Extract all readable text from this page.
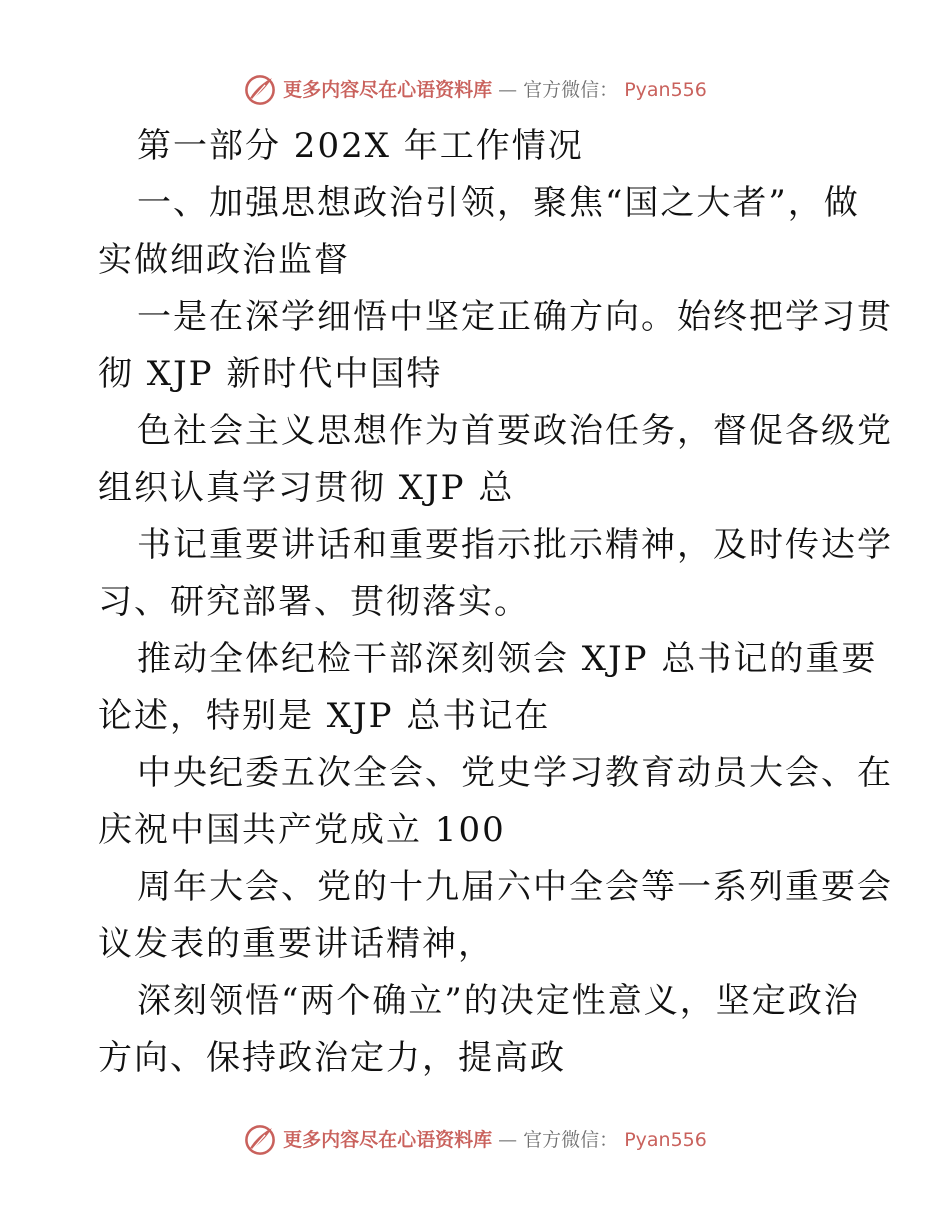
更多内容尽在心语资料库 — 官方微信： Pyan556
第一部分 202X 年工作情况
一、加强思想政治引领，聚焦“国之大者”，做
实做细政治监督
一是在深学细悟中坚定正确方向。始终把学习贯
彻 XJP 新时代中国特
色社会主义思想作为首要政治任务，督促各级党
组织认真学习贯彻 XJP 总
书记重要讲话和重要指示批示精神，及时传达学
习、研究部署、贯彻落实。
推动全体纪检干部深刻领会 XJP 总书记的重要
论述，特别是 XJP 总书记在
中央纪委五次全会、党史学习教育动员大会、在
庆祝中国共产党成立 100
周年大会、党的十九届六中全会等一系列重要会
议发表的重要讲话精神，
深刻领悟“两个确立”的决定性意义，坚定政治
方向、保持政治定力，提高政
更多内容尽在心语资料库 — 官方微信： Pyan556
